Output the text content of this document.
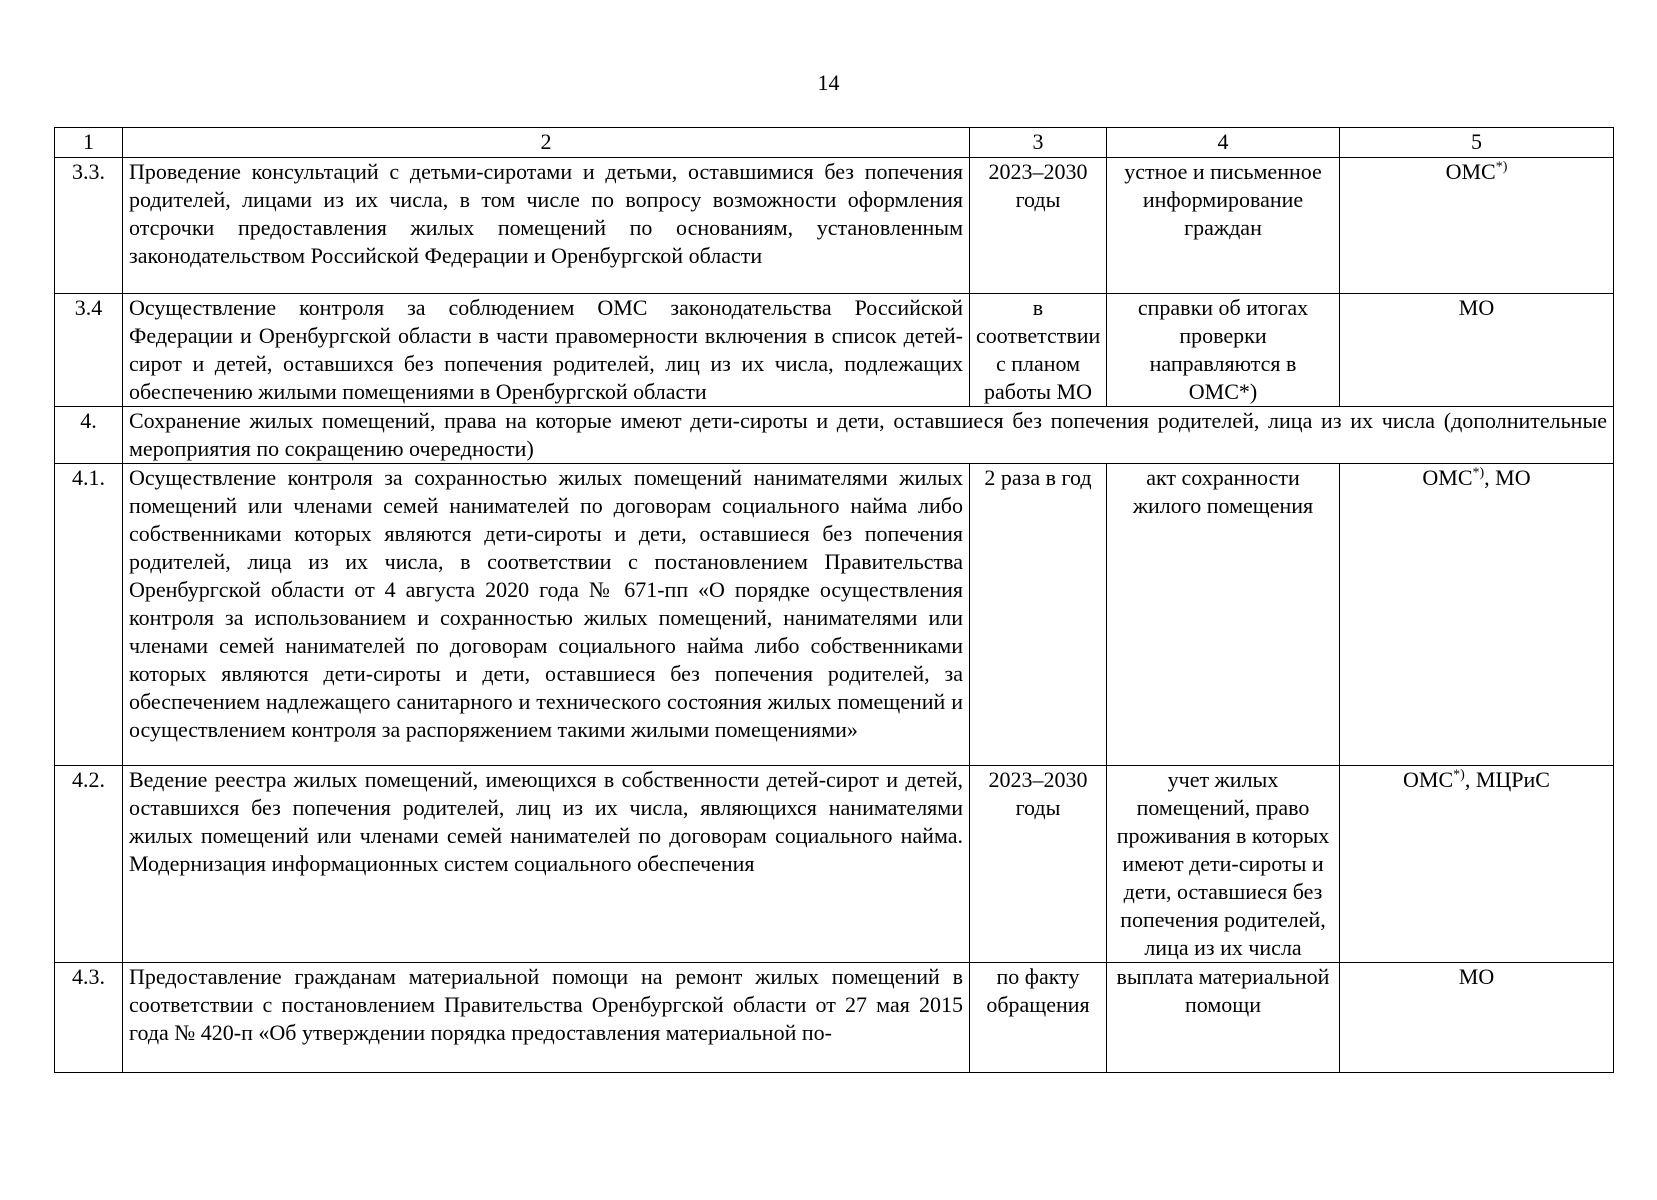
14
1	2	3	4	5
3.3.	Проведение консультаций с детьми-сиротами и детьми, оставшимися без попечения родителей, лицами из их числа, в том числе по вопросу возможности оформления отсрочки предоставления жилых помещений по основаниям, установленным законодательством Российской Федерации и Оренбургской области	2023–2030 годы	устное и письменное информирование граждан	ОМС*)
3.4	Осуществление контроля за соблюдением ОМС законодательства Российской Федерации и Оренбургской области в части правомерности включения в список детей-сирот и детей, оставшихся без попечения родителей, лиц из их числа, подлежащих обеспечению жилыми помещениями в Оренбургской области	в соответствии с планом работы МО	справки об итогах проверки направляются в ОМС*)	МО
4.	Сохранение жилых помещений, права на которые имеют дети-сироты и дети, оставшиеся без попечения родителей, лица из их числа (дополнительные мероприятия по сокращению очередности)			
4.1.	Осуществление контроля за сохранностью жилых помещений нанимателями жилых помещений или членами семей нанимателей по договорам социального найма либо собственниками которых являются дети-сироты и дети, оставшиеся без попечения родителей, лица из их числа, в соответствии с постановлением Правительства Оренбургской области от 4 августа 2020 года № 671-пп «О порядке осуществления контроля за использованием и сохранностью жилых помещений, нанимателями или членами семей нанимателей по договорам социального найма либо собственниками которых являются дети-сироты и дети, оставшиеся без попечения родителей, за обеспечением надлежащего санитарного и технического состояния жилых помещений и осуществлением контроля за распоряжением такими жилыми помещениями»	2 раза в год	акт сохранности жилого помещения	ОМС*), МО
4.2.	Ведение реестра жилых помещений, имеющихся в собственности детей-сирот и детей, оставшихся без попечения родителей, лиц из их числа, являющихся нанимателями жилых помещений или членами семей нанимателей по договорам социального найма. Модернизация информационных систем социального обеспечения	2023–2030 годы	учет жилых помещений, право проживания в которых имеют дети-сироты и дети, оставшиеся без попечения родителей, лица из их числа	ОМС*), МЦРиС
4.3.	Предоставление гражданам материальной помощи на ремонт жилых помещений в соответствии с постановлением Правительства Оренбургской области от 27 мая 2015 года № 420-п «Об утверждении порядка предоставления материальной по-	по факту обращения	выплата материальной помощи	МО
